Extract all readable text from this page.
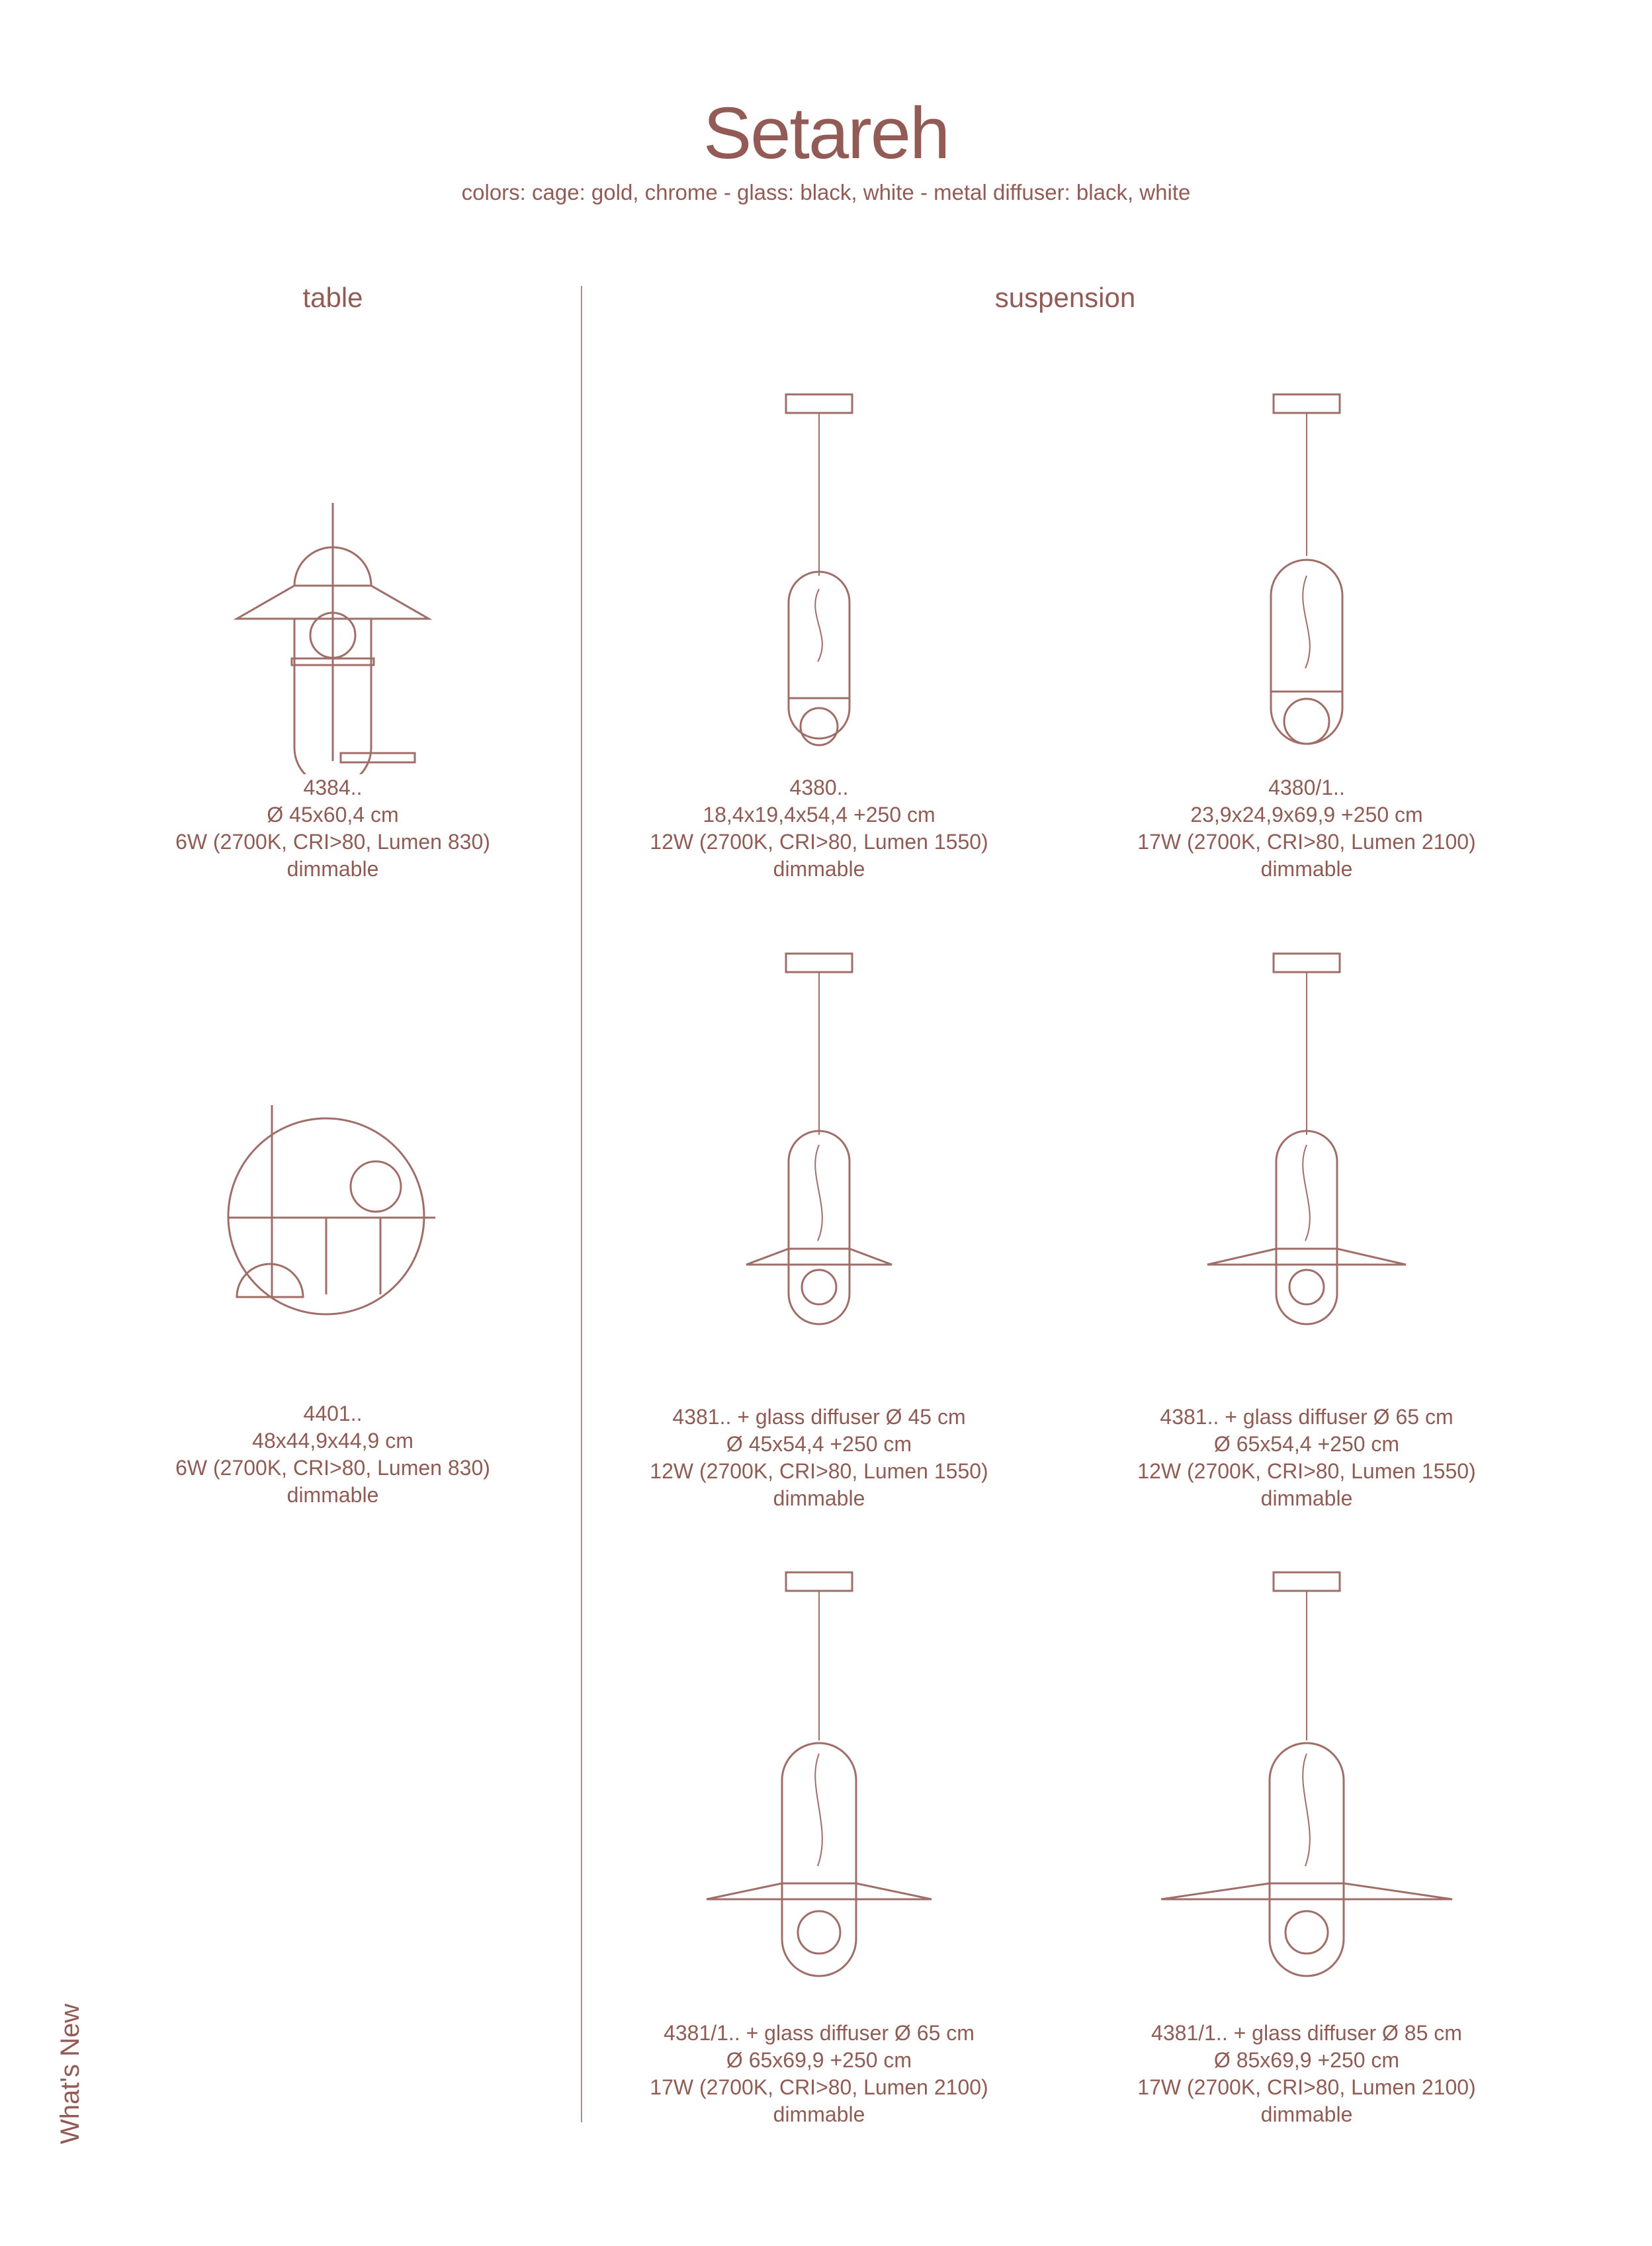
Setareh
colors: cage: gold, chrome - glass: black, white - metal diffuser: black, white
table	suspension
4384..
Ø 45x60,4 cm
6W (2700K, CRI>80, Lumen 830)
dimmable
4380..
18,4x19,4x54,4 +250 cm
12W (2700K, CRI>80, Lumen 1550)
dimmable
4380/1..
23,9x24,9x69,9 +250 cm
17W (2700K, CRI>80, Lumen 2100)
dimmable
4401..
48x44,9x44,9 cm
6W (2700K, CRI>80, Lumen 830)
dimmable
4381.. + glass diffuser Ø 45 cm
Ø 45x54,4 +250 cm
12W (2700K, CRI>80, Lumen 1550)
dimmable
4381.. + glass diffuser Ø 65 cm
Ø 65x54,4 +250 cm
12W (2700K, CRI>80, Lumen 1550)
dimmable
4381/1.. + glass diffuser Ø 65 cm
Ø 65x69,9 +250 cm
17W (2700K, CRI>80, Lumen 2100)
dimmable
4381/1.. + glass diffuser Ø 85 cm
Ø 85x69,9 +250 cm
17W (2700K, CRI>80, Lumen 2100)
dimmable
What's New
